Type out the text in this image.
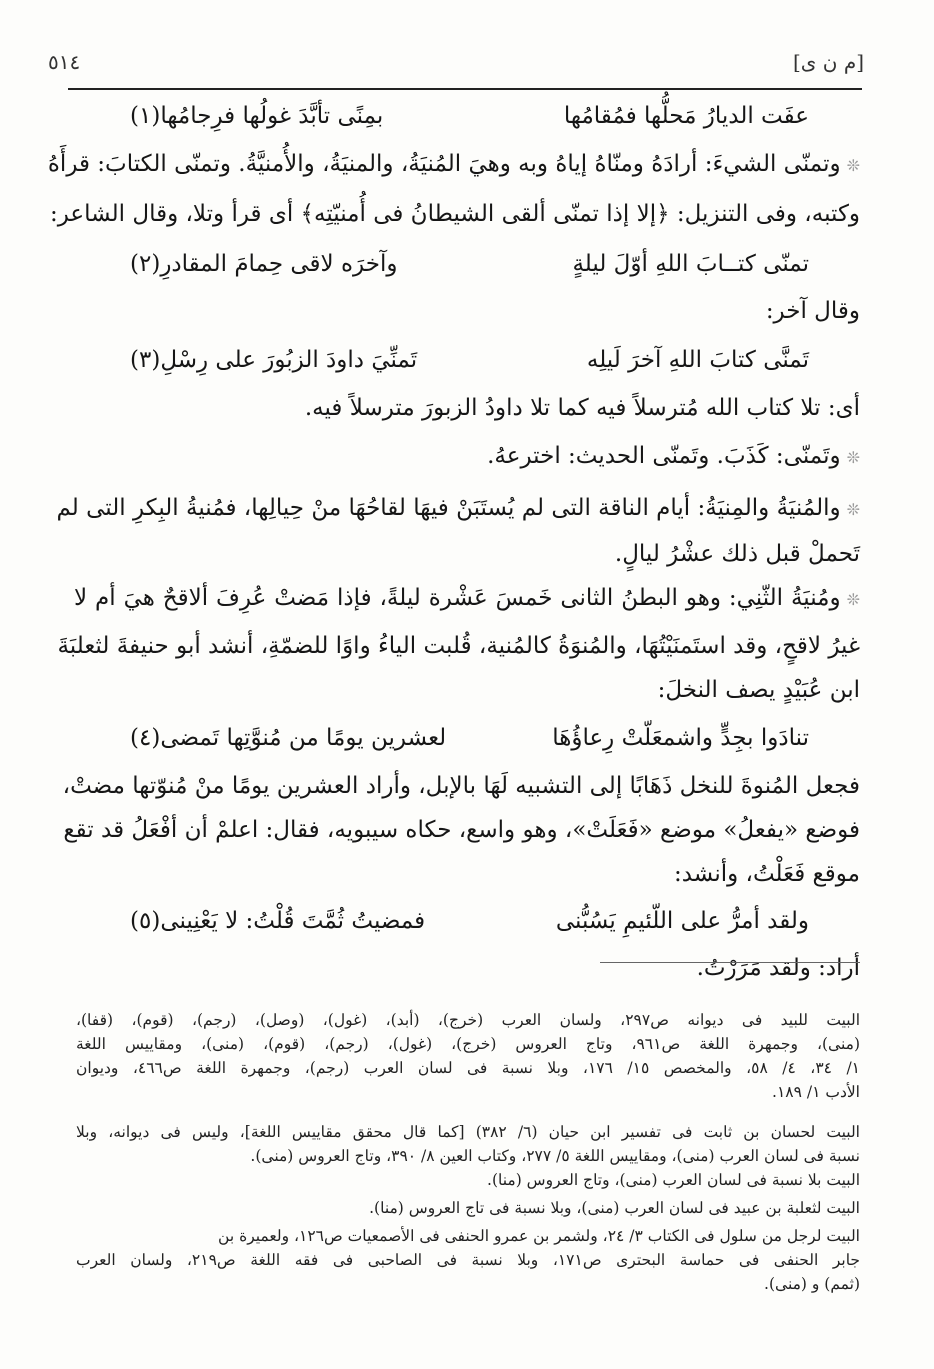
٥١٤	[م ن ى]
عفَت الديارُ مَحلُّها فمُقامُها
بمِنًى تأبَّدَ غولُها فرِجامُها(١)
❊وتمنّى الشيءَ: أرادَهُ ومنّاهُ إياهُ وبه وهيَ المُنيَةُ، والمنيَةُ، والأُمنيَّةُ. وتمنّى الكتابَ: قرأَهُ
وكتبه، وفى التنزيل: ﴿إلا إذا تمنّى ألقى الشيطانُ فى أُمنيّتِه﴾ أى قرأ وتلا، وقال الشاعر:
تمنّى كتــابَ اللهِ أوّلَ ليلةٍ
وآخرَه لاقى حِمامَ المقادرِ(٢)
وقال آخر:
تَمنَّى كتابَ اللهِ آخرَ لَيلِه
تَمنِّيَ داودَ الزبُورَ على رِسْلِ(٣)
أى: تلا كتاب الله مُترسلاً فيه كما تلا داودُ الزبورَ مترسلاً فيه.
❊وتَمنّى: كَذَبَ. وتَمنّى الحديث: اخترعهُ.
❊والمُنيَةُ والمِنيَةُ: أيام الناقة التى لم يُستَبَنْ فيهَا لقاحُهَا منْ حِيالِها، فمُنيةُ البِكرِ التى لم
تَحملْ قبل ذلك عشْرُ ليالٍ.
❊ومُنيَةُ الثّنِي: وهو البطنُ الثانى خَمسَ عَشْرة ليلةً، فإذا مَضتْ عُرِفَ ألاقحٌ هيَ أم لا
غيرُ لاقحٍ، وقد استَمنَيْتُهَا، والمُنوَةُ كالمُنية، قُلبت الياءُ واوًا للضمّةِ، أنشد أبو حنيفةَ لثعلبَةَ
ابن عُبَيْدٍ يصف النخلَ:
تنادَوا بجِدٍّ واشمعَلّتْ رِعاؤُهَا
لعشرين يومًا من مُنوَّتِها تَمضى(٤)
فجعل المُنوةَ للنخل ذَهَابًا إلى التشبيه لَهَا بالإبل، وأراد العشرين يومًا منْ مُنوّتها مضتْ،
فوضع «يفعلُ» موضع «فَعَلَتْ»، وهو واسع، حكاه سيبويه، فقال: اعلمْ أن أفْعَلُ قد تقع
موقع فَعَلْتُ، وأنشد:
ولقد أمرُّ على اللّئيمِ يَسُبُّنى
فمضيتُ ثُمَّتَ قُلْتُ: لا يَعْنِينى(٥)
أراد: ولقد مَرَرْتُ.
البيت للبيد فى ديوانه ص٢٩٧، ولسان العرب (خرج)، (أبد)، (غول)، (وصل)، (رجم)، (قوم)، (قفا)،
(منى)، وجمهرة اللغة ص٩٦١، وتاج العروس (خرج)، (غول)، (رجم)، (قوم)، (منى)، ومقاييس اللغة
١/ ٣٤، ٤/ ٥٨، والمخصص ١٥/ ١٧٦، وبلا نسبة فى لسان العرب (رجم)، وجمهرة اللغة ص٤٦٦، وديوان
الأدب ١/ ١٨٩.
البيت لحسان بن ثابت فى تفسير ابن حيان (٦/ ٣٨٢) [كما قال محقق مقاييس اللغة]، وليس فى ديوانه، وبلا
نسبة فى لسان العرب (منى)، ومقاييس اللغة ٥/ ٢٧٧، وكتاب العين ٨/ ٣٩٠، وتاج العروس (منى).
البيت بلا نسبة فى لسان العرب (منى)، وتاج العروس (منا).
البيت لثعلبة بن عبيد فى لسان العرب (منى)، وبلا نسبة فى تاج العروس (منا).
البيت لرجل من سلول فى الكتاب ٣/ ٢٤، ولشمر بن عمرو الحنفى فى الأصمعيات ص١٢٦، ولعميرة بن
جابر الحنفى فى حماسة البحترى ص١٧١، وبلا نسبة فى الصاحبى فى فقه اللغة ص٢١٩، ولسان العرب
(ثمم) و (منى).
